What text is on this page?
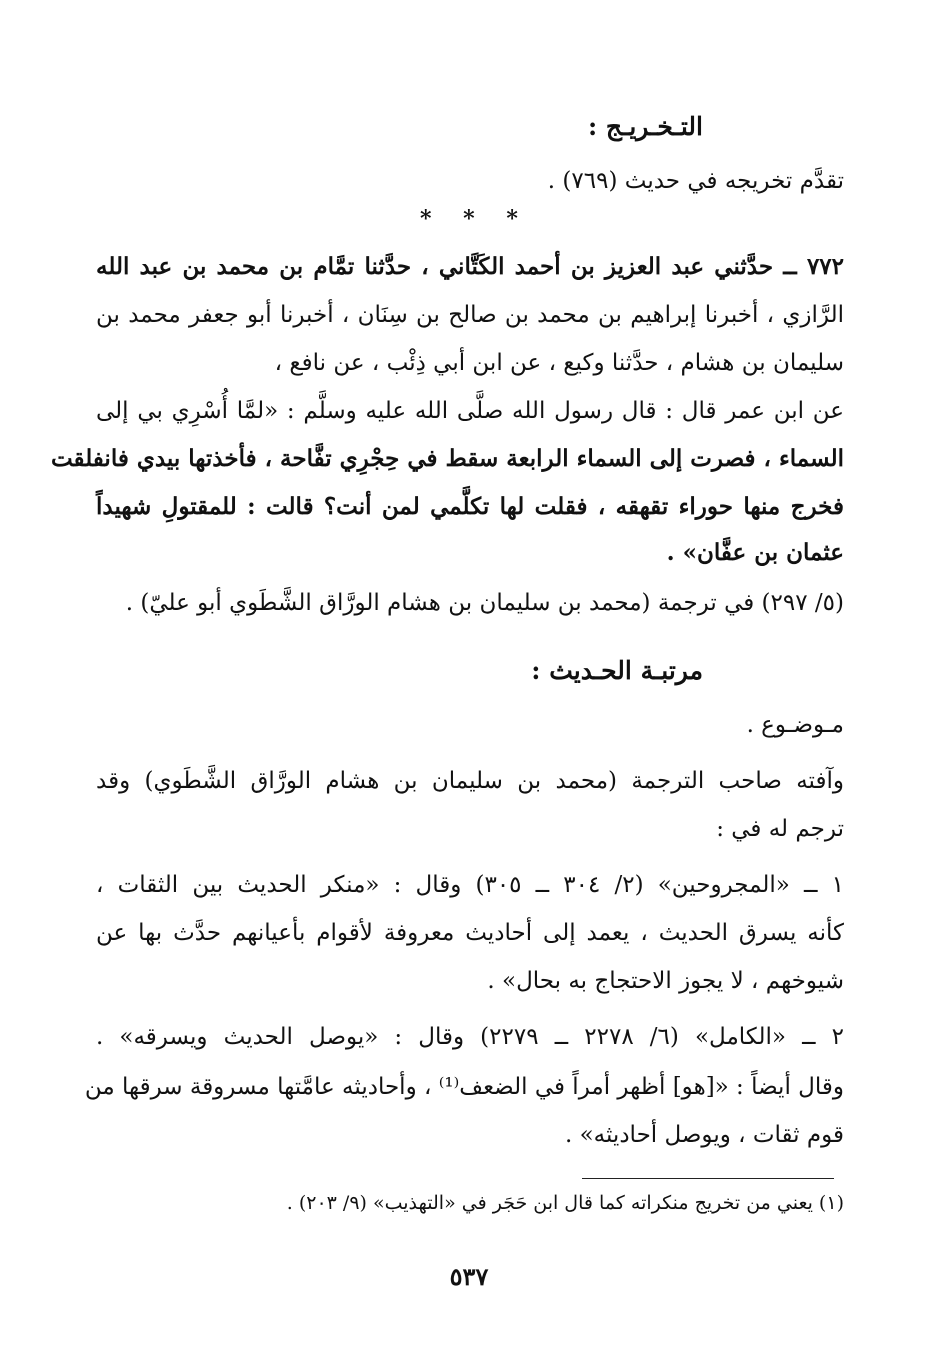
التـخـريـج :
تقدَّم تخريجه في حديث (٧٦٩) .
* * *
٧٧٢ ــ حدَّثني عبد العزيز بن أحمد الكَتَّاني ، حدَّثنا تمَّام بن محمد بن عبد الله
الرَّازي ، أخبرنا إبراهيم بن محمد بن صالح بن سِنَان ، أخبرنا أبو جعفر محمد بن
سليمان بن هشام ، حدَّثنا وكيع ، عن ابن أبي ذِئْب ، عن نافع ،
عن ابن عمر قال : قال رسول الله صلَّى الله عليه وسلَّم : «لمَّا أُسْرِي بي إلى
السماء ، فصرت إلى السماء الرابعة سقط في حِجْرِي تفَّاحة ، فأخذتها بيدي فانفلقت
فخرج منها حوراء تقهقه ، فقلت لها تكلَّمي لمن أنت؟ قالت : للمقتولِ شهيداً
عثمان بن عفَّان» .
(٥/ ٢٩٧) في ترجمة (محمد بن سليمان بن هشام الورَّاق الشَّطَوي أبو عليّ) .
مرتبـة الحـديث :
مـوضـوع .
وآفته صاحب الترجمة (محمد بن سليمان بن هشام الورَّاق الشَّطَوي) وقد
ترجم له في :
١ ــ «المجروحين» (٢/ ٣٠٤ ــ ٣٠٥) وقال : «منكر الحديث بين الثقات ،
كأنه يسرق الحديث ، يعمد إلى أحاديث معروفة لأقوام بأعيانهم حدَّث بها عن
شيوخهم ، لا يجوز الاحتجاج به بحال» .
٢ ــ «الكامل» (٦/ ٢٢٧٨ ــ ٢٢٧٩) وقال : «يوصل الحديث ويسرقه» .
وقال أيضاً : «[هو] أظهر أمراً في الضعف⁽¹⁾ ، وأحاديثه عامَّتها مسروقة سرقها من
قوم ثقات ، ويوصل أحاديثه» .
(١) يعني من تخريج منكراته كما قال ابن حَجَر في «التهذيب» (٩/ ٢٠٣) .
٥٣٧
